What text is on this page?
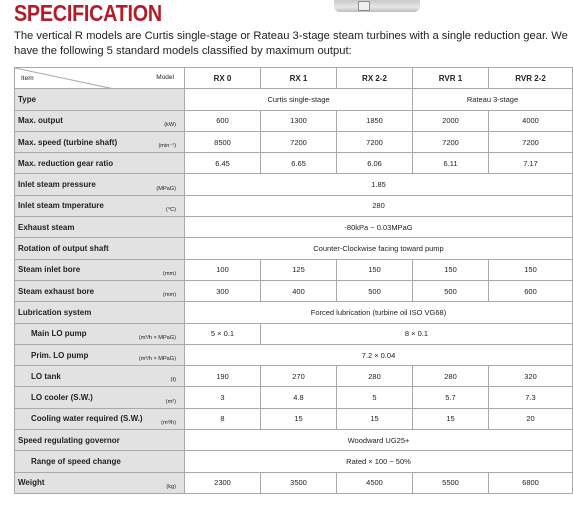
SPECIFICATION

The vertical R models are Curtis single-stage or Rateau 3-stage steam turbines with a single reduction gear. We have the following 5 standard models classified by maximum output:

Model
Item	RX 0	RX 1	RX 2-2	RVR 1	RVR 2-2
Type	Curtis single-stage			Rateau 3-stage	
Max. output (kW)	600	1300	1850	2000	4000
Max. speed (turbine shaft) (min⁻¹)	8500	7200	7200	7200	7200
Max. reduction gear ratio	6.45	6.65	6.06	6.11	7.17
Inlet steam pressure (MPaG)	1.85				
Inlet steam tmperature (°C)	280				
Exhaust steam	-80kPa ~ 0.03MPaG				
Rotation of output shaft	Counter-Clockwise facing toward pump				
Steam inlet bore (mm)	100	125	150	150	150
Steam exhaust bore (mm)	300	400	500	500	600
Lubrication system	Forced lubrication (turbine oil ISO VG68)				
Main LO pump (m³/h × MPaG)	5 × 0.1	8 × 0.1			
Prim. LO pump (m³/h × MPaG)	7.2 × 0.04				
LO tank (ℓ)	190	270	280	280	320
LO cooler (S.W.) (m²)	3	4.8	5	5.7	7.3
Cooling water required (S.W.) (m³/h)	8	15	15	15	20
Speed regulating governor	Woodward UG25+				
Range of speed change	Rated × 100 ~ 50%				
Weight (kg)	2300	3500	4500	5500	6800
